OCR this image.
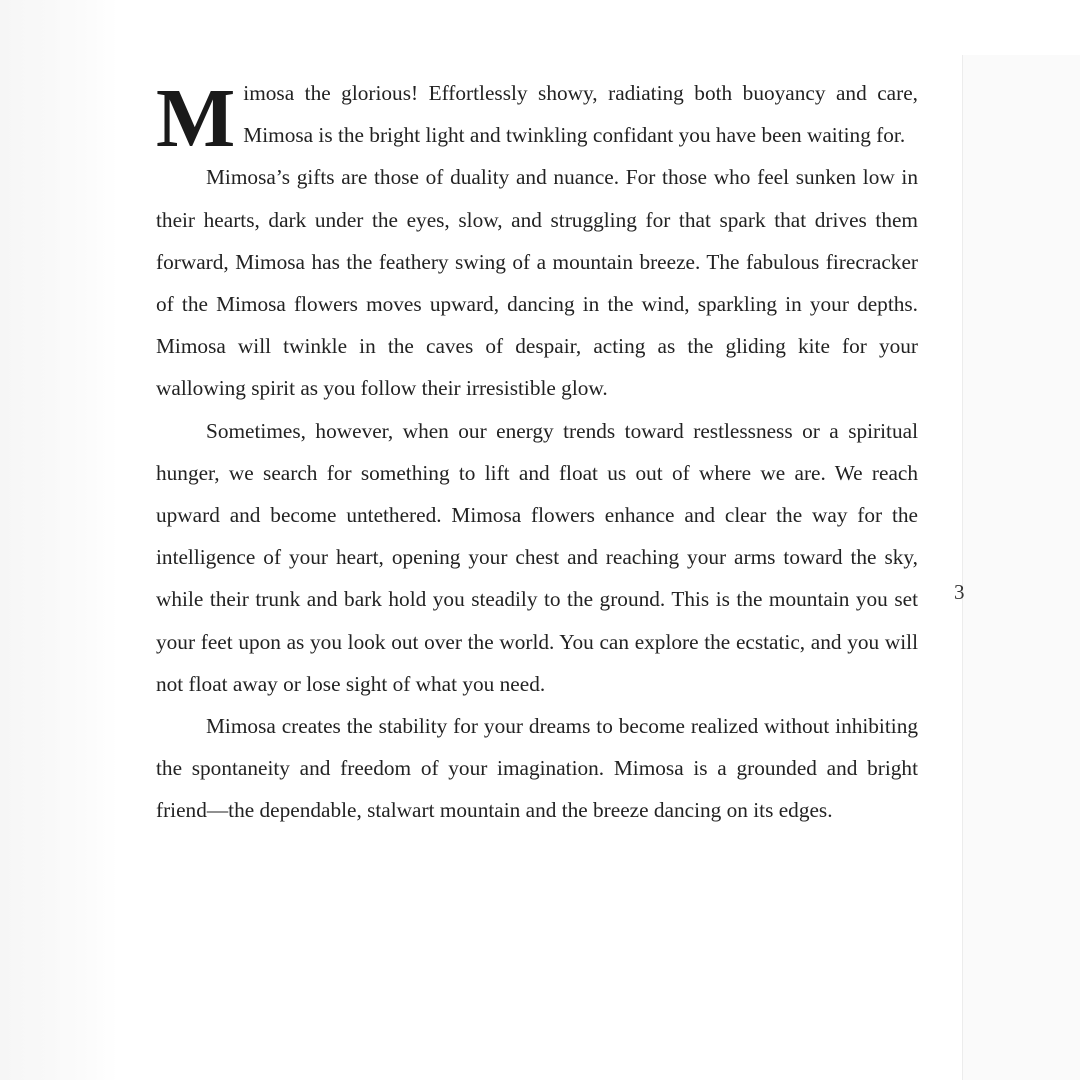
Mimosa the glorious! Effortlessly showy, radiating both buoyancy and care, Mimosa is the bright light and twinkling confidant you have been waiting for.

Mimosa’s gifts are those of duality and nuance. For those who feel sunken low in their hearts, dark under the eyes, slow, and struggling for that spark that drives them forward, Mimosa has the feathery swing of a mountain breeze. The fabulous firecracker of the Mimosa flowers moves upward, dancing in the wind, sparkling in your depths. Mimosa will twinkle in the caves of despair, acting as the gliding kite for your wallowing spirit as you follow their irresistible glow.

Sometimes, however, when our energy trends toward restlessness or a spiritual hunger, we search for something to lift and float us out of where we are. We reach upward and become untethered. Mimosa flowers enhance and clear the way for the intelligence of your heart, opening your chest and reaching your arms toward the sky, while their trunk and bark hold you steadily to the ground. This is the mountain you set your feet upon as you look out over the world. You can explore the ecstatic, and you will not float away or lose sight of what you need.

Mimosa creates the stability for your dreams to become realized without inhibiting the spontaneity and freedom of your imagination. Mimosa is a grounded and bright friend—the dependable, stalwart mountain and the breeze dancing on its edges.

3
